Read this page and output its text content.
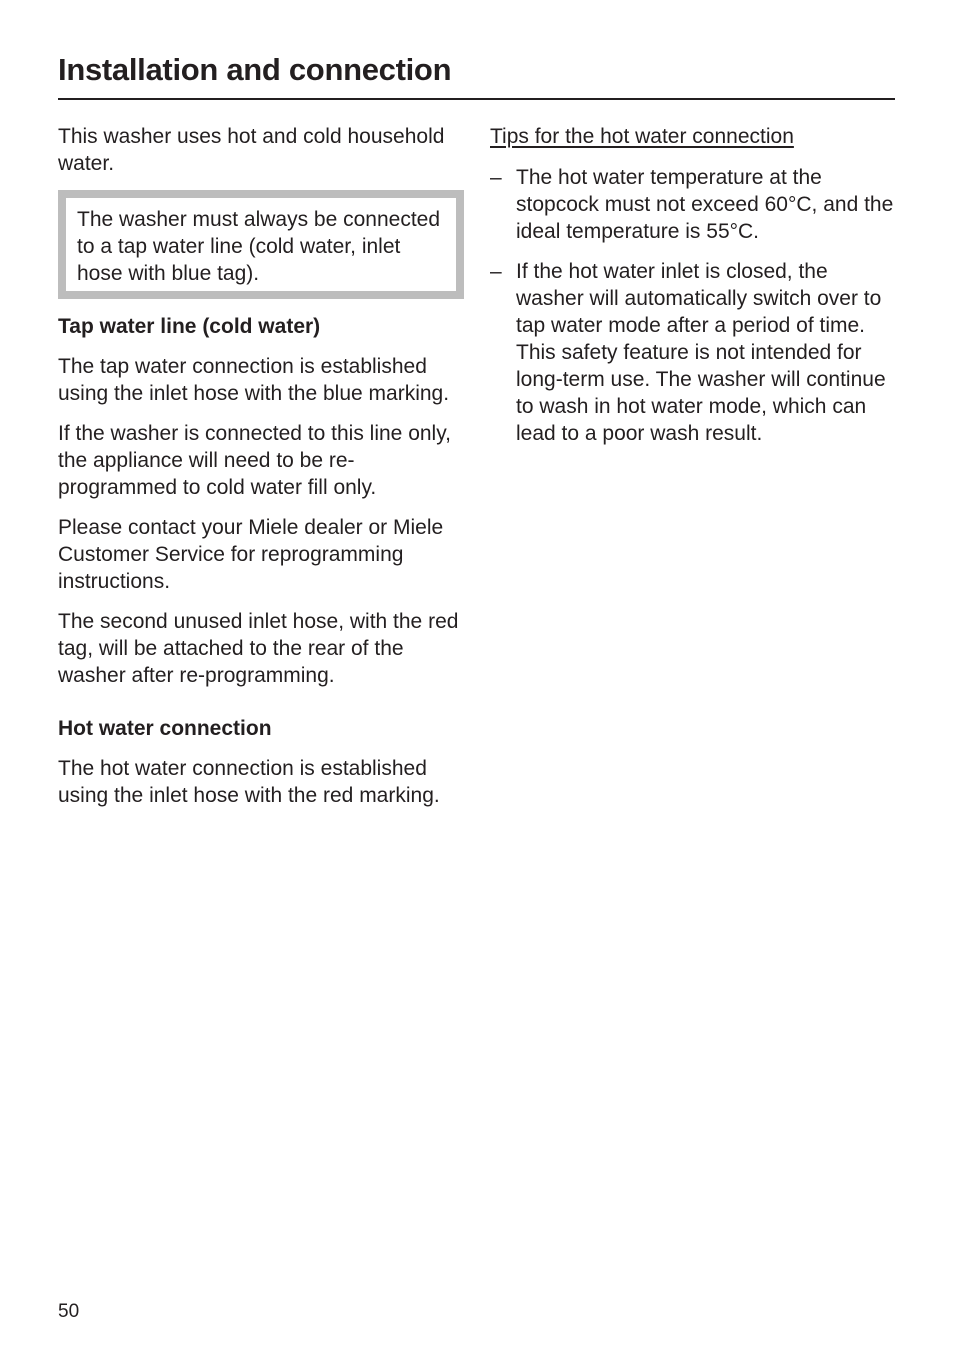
Installation and connection

This washer uses hot and cold household water.

The washer must always be connected to a tap water line (cold water, inlet hose with blue tag).

Tap water line (cold water)

The tap water connection is established using the inlet hose with the blue marking.

If the washer is connected to this line only, the appliance will need to be re-programmed to cold water fill only.

Please contact your Miele dealer or Miele Customer Service for reprogramming instructions.

The second unused inlet hose, with the red tag, will be attached to the rear of the washer after re-programming.

Hot water connection

The hot water connection is established using the inlet hose with the red marking.

Tips for the hot water connection

– The hot water temperature at the stopcock must not exceed 60°C, and the ideal temperature is 55°C.
– If the hot water inlet is closed, the washer will automatically switch over to tap water mode after a period of time. This safety feature is not intended for long-term use. The washer will continue to wash in hot water mode, which can lead to a poor wash result.
50
